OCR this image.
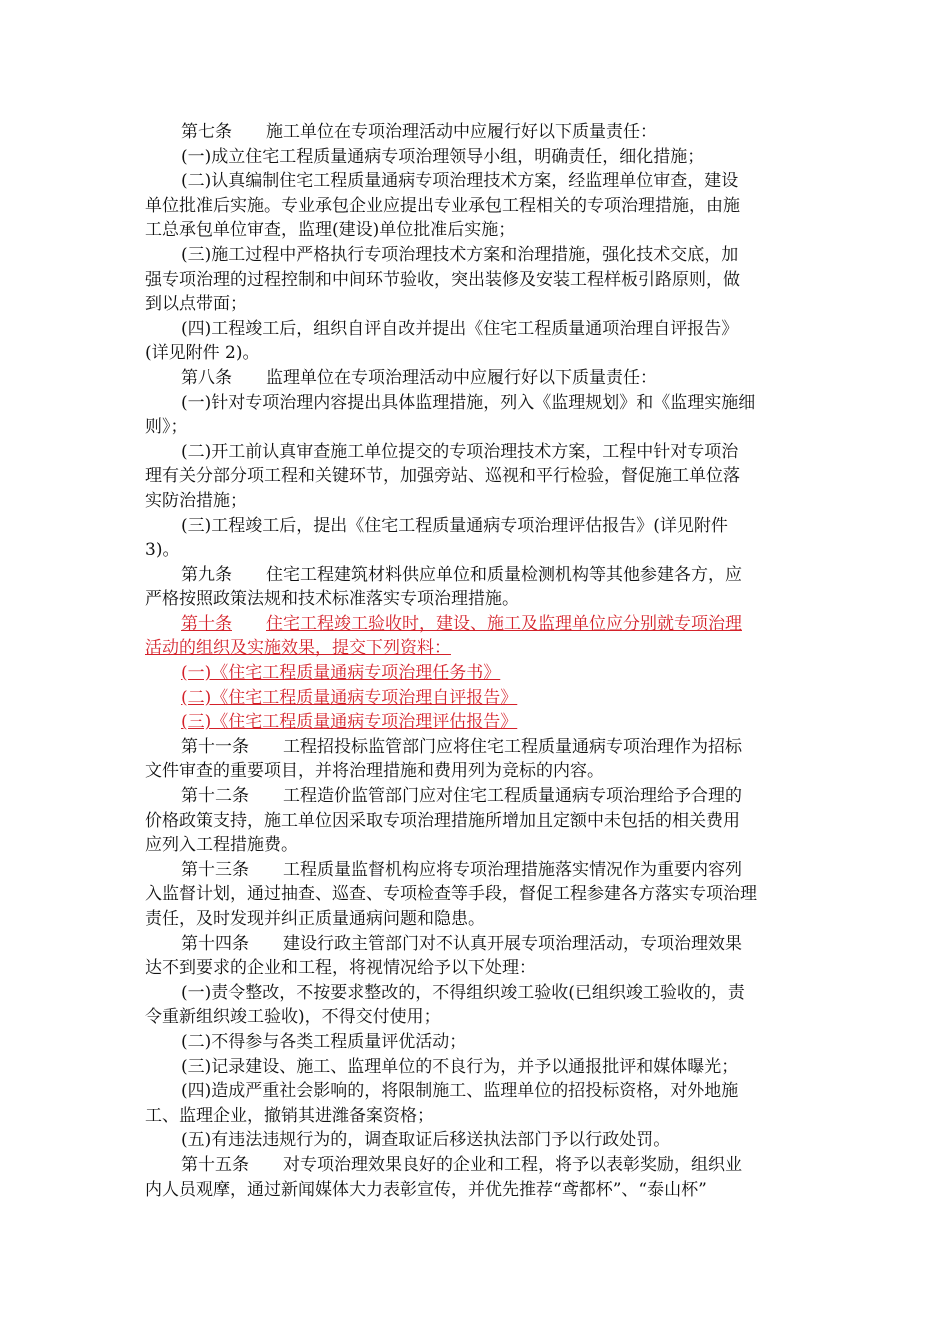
第七条 施工单位在专项治理活动中应履行好以下质量责任：
(一)成立住宅工程质量通病专项治理领导小组，明确责任，细化措施；
(二)认真编制住宅工程质量通病专项治理技术方案，经监理单位审查，建设
单位批准后实施。专业承包企业应提出专业承包工程相关的专项治理措施，由施
工总承包单位审查，监理(建设)单位批准后实施；
(三)施工过程中严格执行专项治理技术方案和治理措施，强化技术交底，加
强专项治理的过程控制和中间环节验收，突出装修及安装工程样板引路原则，做
到以点带面；
(四)工程竣工后，组织自评自改并提出《住宅工程质量通项治理自评报告》
(详见附件 2)。
第八条 监理单位在专项治理活动中应履行好以下质量责任：
(一)针对专项治理内容提出具体监理措施，列入《监理规划》和《监理实施细
则》；
(二)开工前认真审查施工单位提交的专项治理技术方案，工程中针对专项治
理有关分部分项工程和关键环节，加强旁站、巡视和平行检验，督促施工单位落
实防治措施；
(三)工程竣工后，提出《住宅工程质量通病专项治理评估报告》(详见附件
3)。
第九条 住宅工程建筑材料供应单位和质量检测机构等其他参建各方，应
严格按照政策法规和技术标准落实专项治理措施。
第十条 住宅工程竣工验收时，建设、施工及监理单位应分别就专项治理
活动的组织及实施效果，提交下列资料：
(一)《住宅工程质量通病专项治理任务书》
(二)《住宅工程质量通病专项治理自评报告》
(三)《住宅工程质量通病专项治理评估报告》
第十一条 工程招投标监管部门应将住宅工程质量通病专项治理作为招标
文件审查的重要项目，并将治理措施和费用列为竞标的内容。
第十二条 工程造价监管部门应对住宅工程质量通病专项治理给予合理的
价格政策支持，施工单位因采取专项治理措施所增加且定额中未包括的相关费用
应列入工程措施费。
第十三条 工程质量监督机构应将专项治理措施落实情况作为重要内容列
入监督计划，通过抽查、巡查、专项检查等手段，督促工程参建各方落实专项治理
责任，及时发现并纠正质量通病问题和隐患。
第十四条 建设行政主管部门对不认真开展专项治理活动，专项治理效果
达不到要求的企业和工程，将视情况给予以下处理：
(一)责令整改，不按要求整改的，不得组织竣工验收(已组织竣工验收的，责
令重新组织竣工验收)，不得交付使用；
(二)不得参与各类工程质量评优活动；
(三)记录建设、施工、监理单位的不良行为，并予以通报批评和媒体曝光；
(四)造成严重社会影响的，将限制施工、监理单位的招投标资格，对外地施
工、监理企业，撤销其进潍备案资格；
(五)有违法违规行为的，调查取证后移送执法部门予以行政处罚。
第十五条 对专项治理效果良好的企业和工程，将予以表彰奖励，组织业
内人员观摩，通过新闻媒体大力表彰宣传，并优先推荐“鸢都杯”、“泰山杯”
